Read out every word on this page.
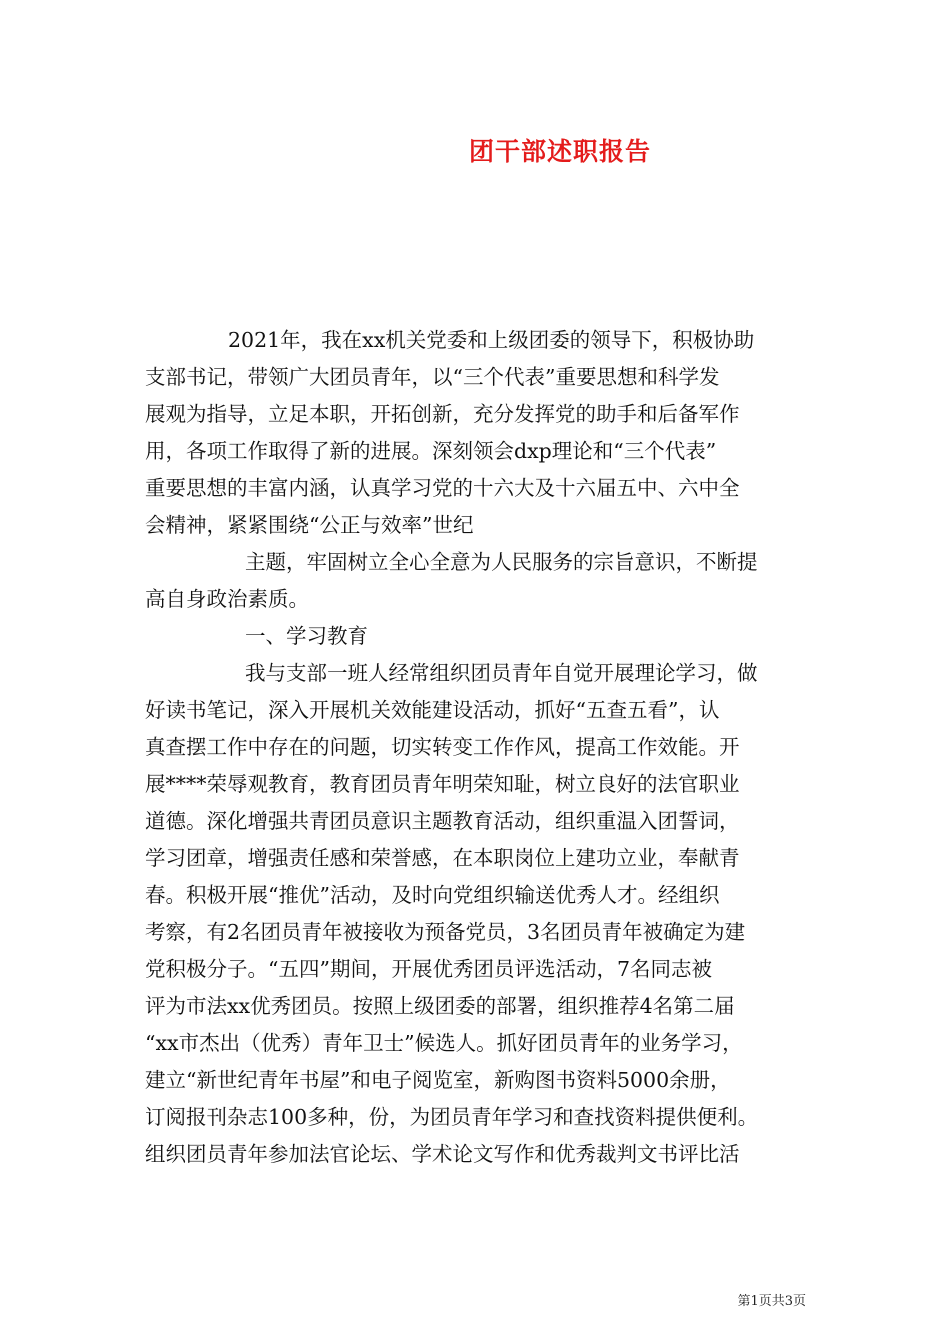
团干部述职报告
2021年，我在xx机关党委和上级团委的领导下，积极协助
支部书记，带领广大团员青年，以“三个代表”重要思想和科学发
展观为指导，立足本职，开拓创新，充分发挥党的助手和后备军作
用，各项工作取得了新的进展。深刻领会dxp理论和“三个代表”
重要思想的丰富内涵，认真学习党的十六大及十六届五中、六中全
会精神，紧紧围绕“公正与效率”世纪
主题，牢固树立全心全意为人民服务的宗旨意识，不断提
高自身政治素质。
一、学习教育
我与支部一班人经常组织团员青年自觉开展理论学习，做
好读书笔记，深入开展机关效能建设活动，抓好“五查五看”，认
真查摆工作中存在的问题，切实转变工作作风，提高工作效能。开
展****荣辱观教育，教育团员青年明荣知耻，树立良好的法官职业
道德。深化增强共青团员意识主题教育活动，组织重温入团誓词，
学习团章，增强责任感和荣誉感，在本职岗位上建功立业，奉献青
春。积极开展“推优”活动，及时向党组织输送优秀人才。经组织
考察，有2名团员青年被接收为预备党员，3名团员青年被确定为建
党积极分子。“五四”期间，开展优秀团员评选活动，7名同志被
评为市法xx优秀团员。按照上级团委的部署，组织推荐4名第二届
“xx市杰出（优秀）青年卫士”候选人。抓好团员青年的业务学习，
建立“新世纪青年书屋”和电子阅览室，新购图书资料5000余册，
订阅报刊杂志100多种，份，为团员青年学习和查找资料提供便利。
组织团员青年参加法官论坛、学术论文写作和优秀裁判文书评比活
第1页共3页
